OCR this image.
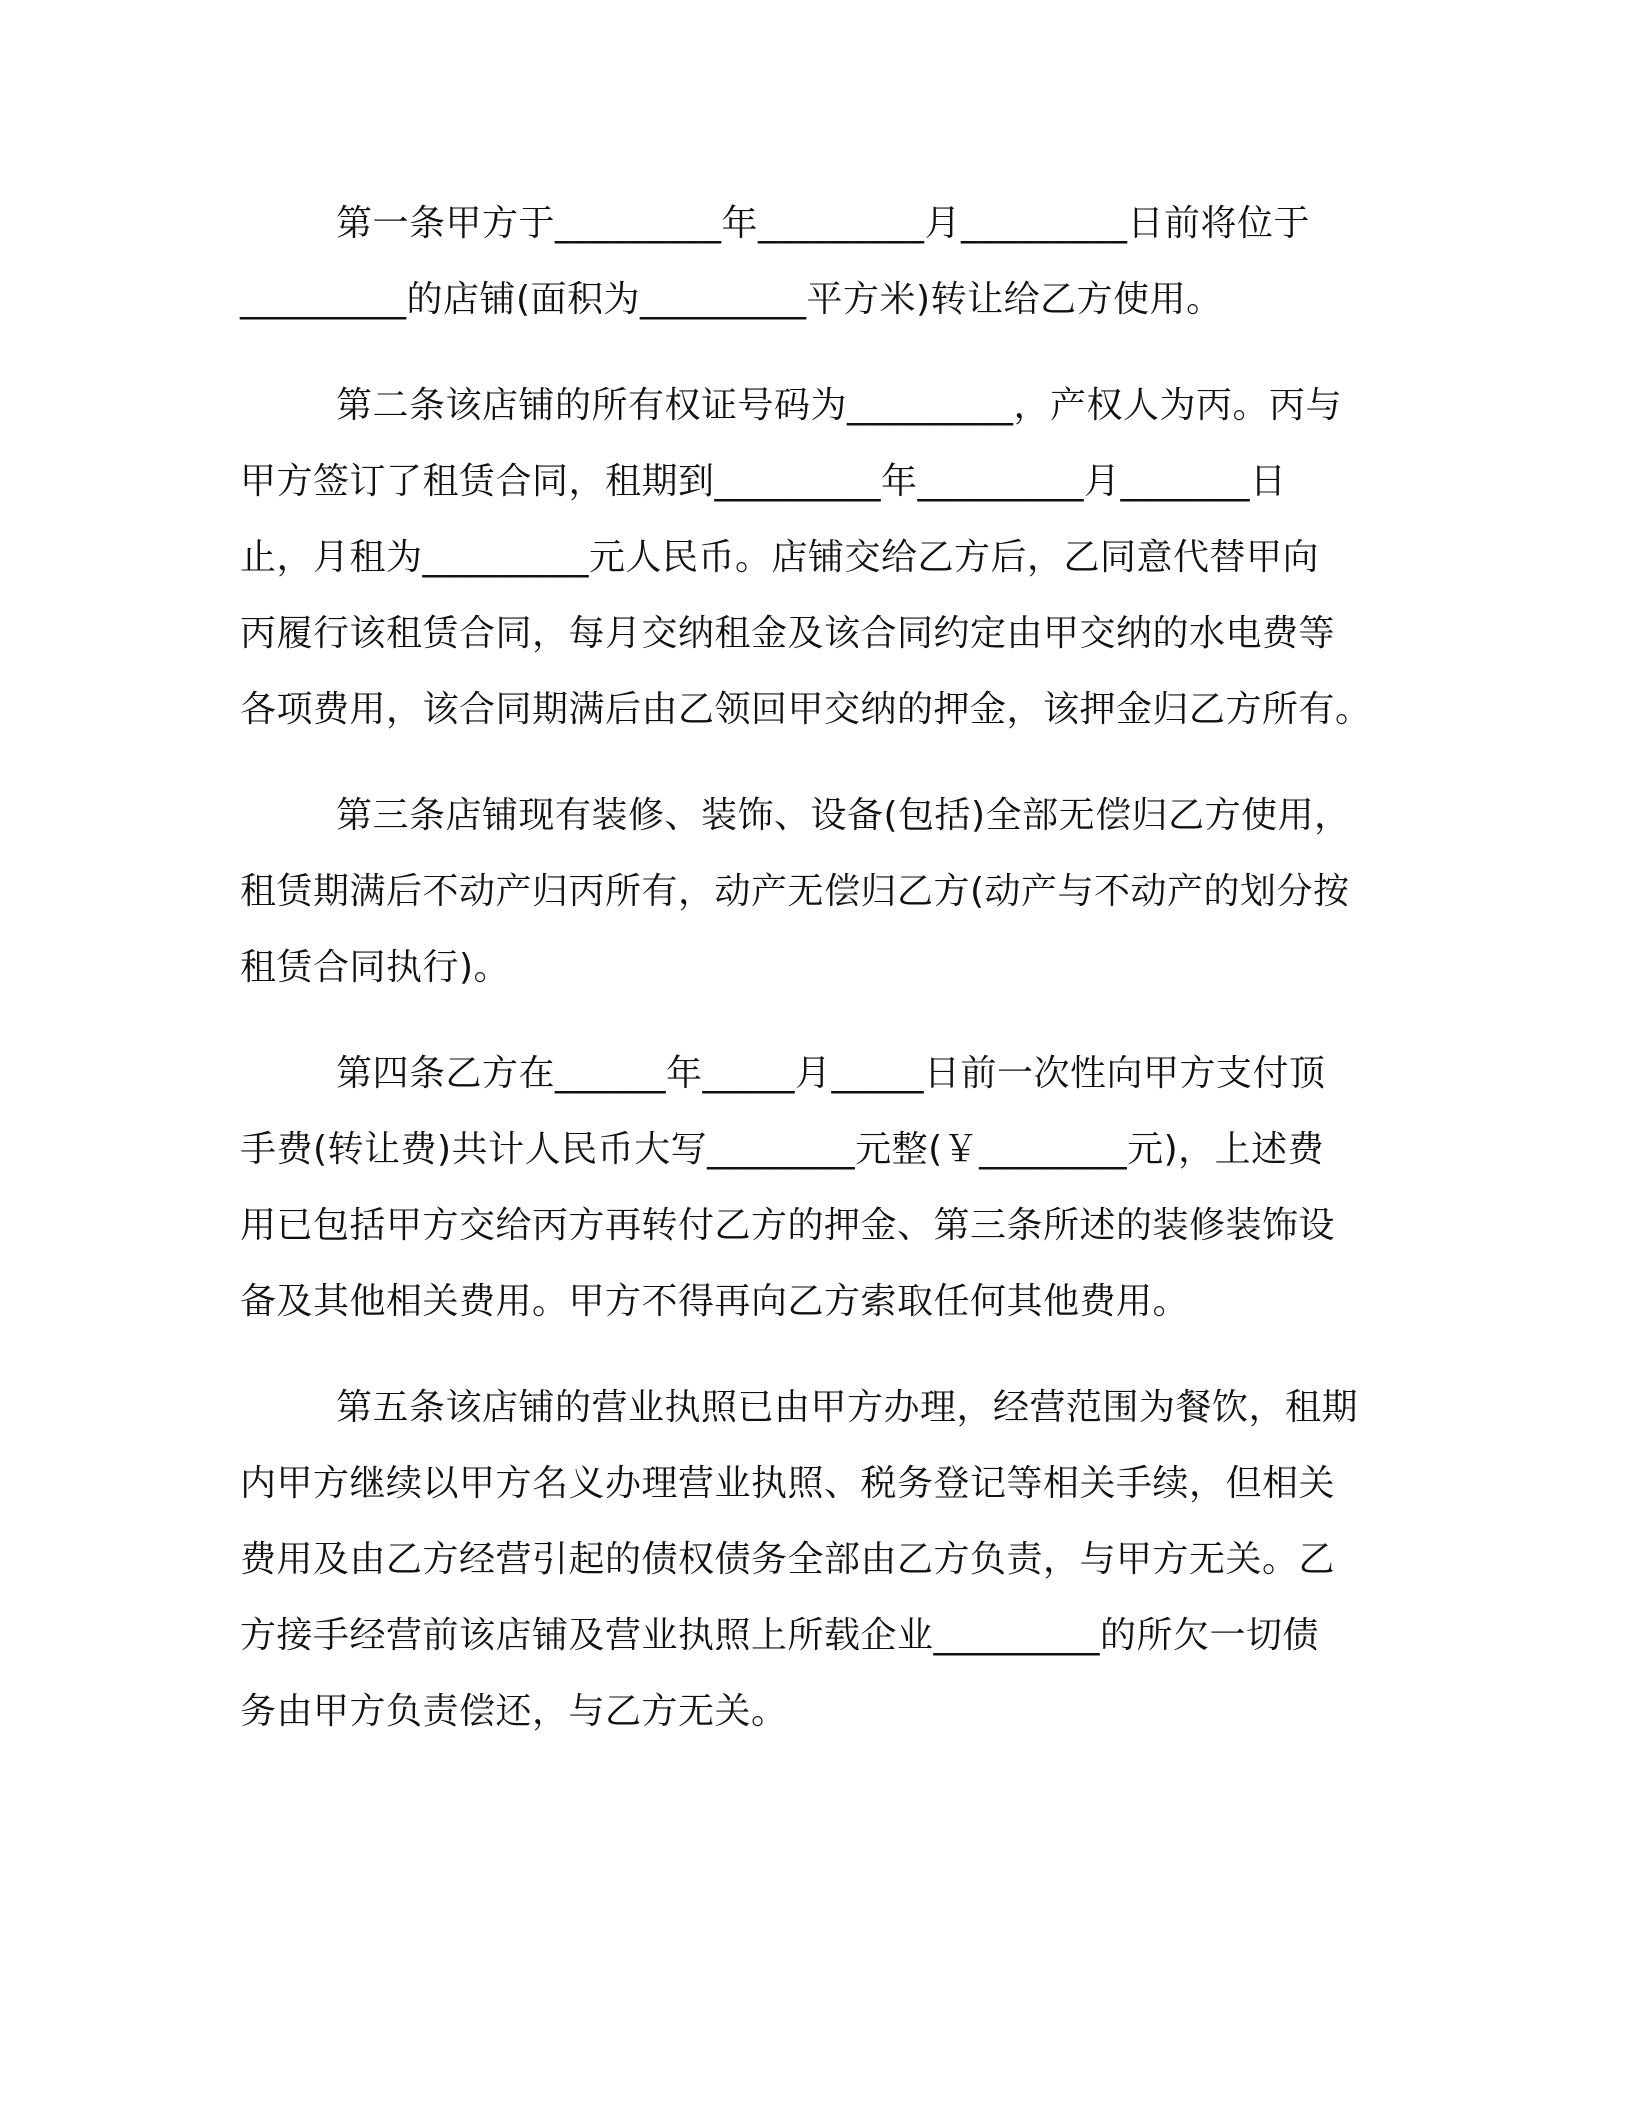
第一条甲方于_________年_________月_________日前将位于
_________的店铺(面积为_________平方米)转让给乙方使用。
第二条该店铺的所有权证号码为_________，产权人为丙。丙与
甲方签订了租赁合同，租期到_________年_________月_______日
止，月租为_________元人民币。店铺交给乙方后，乙同意代替甲向
丙履行该租赁合同，每月交纳租金及该合同约定由甲交纳的水电费等
各项费用，该合同期满后由乙领回甲交纳的押金，该押金归乙方所有。
第三条店铺现有装修、装饰、设备(包括)全部无偿归乙方使用，
租赁期满后不动产归丙所有，动产无偿归乙方(动产与不动产的划分按
租赁合同执行)。
第四条乙方在______年_____月_____日前一次性向甲方支付顶
手费(转让费)共计人民币大写________元整(￥________元)，上述费
用已包括甲方交给丙方再转付乙方的押金、第三条所述的装修装饰设
备及其他相关费用。甲方不得再向乙方索取任何其他费用。
第五条该店铺的营业执照已由甲方办理，经营范围为餐饮，租期
内甲方继续以甲方名义办理营业执照、税务登记等相关手续，但相关
费用及由乙方经营引起的债权债务全部由乙方负责，与甲方无关。乙
方接手经营前该店铺及营业执照上所载企业_________的所欠一切债
务由甲方负责偿还，与乙方无关。
